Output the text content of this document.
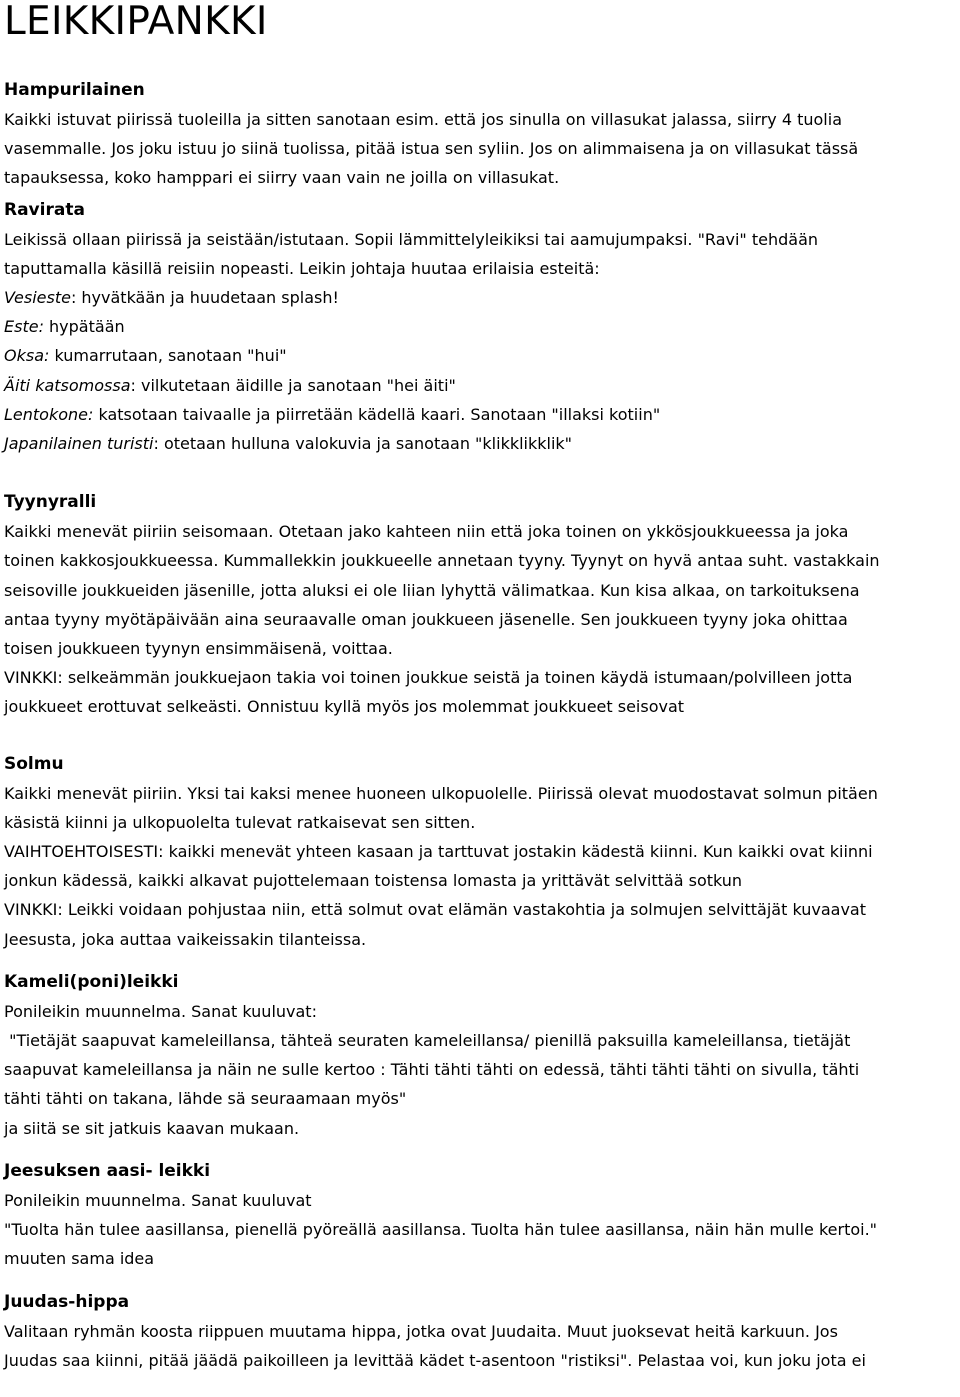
LEIKKIPANKKI

Hampurilainen

Kaikki istuvat piirissä tuoleilla ja sitten sanotaan esim. että jos sinulla on villasukat jalassa, siirry 4 tuolia

vasemmalle. Jos joku istuu jo siinä tuolissa, pitää istua sen syliin. Jos on alimmaisena ja on villasukat tässä

tapauksessa, koko hamppari ei siirry vaan vain ne joilla on villasukat.

Ravirata

Leikissä ollaan piirissä ja seistään/istutaan. Sopii lämmittelyleikiksi tai aamujumpaksi. "Ravi" tehdään

taputtamalla käsillä reisiin nopeasti. Leikin johtaja huutaa erilaisia esteitä:

Vesieste: hyvätkään ja huudetaan splash!

Este: hypätään

Oksa: kumarrutaan, sanotaan "hui"

Äiti katsomossa: vilkutetaan äidille ja sanotaan "hei äiti"

Lentokone: katsotaan taivaalle ja piirretään kädellä kaari. Sanotaan "illaksi kotiin"

Japanilainen turisti: otetaan hulluna valokuvia ja sanotaan "klikklikklik"

Tyynyralli

Kaikki menevät piiriin seisomaan. Otetaan jako kahteen niin että joka toinen on ykkösjoukkueessa ja joka

toinen kakkosjoukkueessa. Kummallekkin joukkueelle annetaan tyyny. Tyynyt on hyvä antaa suht. vastakkain

seisoville joukkueiden jäsenille, jotta aluksi ei ole liian lyhyttä välimatkaa. Kun kisa alkaa, on tarkoituksena

antaa tyyny myötäpäivään aina seuraavalle oman joukkueen jäsenelle. Sen joukkueen tyyny joka ohittaa

toisen joukkueen tyynyn ensimmäisenä, voittaa.

VINKKI: selkeämmän joukkuejaon takia voi toinen joukkue seistä ja toinen käydä istumaan/polvilleen jotta

joukkueet erottuvat selkeästi. Onnistuu kyllä myös jos molemmat joukkueet seisovat

Solmu

Kaikki menevät piiriin. Yksi tai kaksi menee huoneen ulkopuolelle. Piirissä olevat muodostavat solmun pitäen

käsistä kiinni ja ulkopuolelta tulevat ratkaisevat sen sitten.

VAIHTOEHTOISESTI: kaikki menevät yhteen kasaan ja tarttuvat jostakin kädestä kiinni. Kun kaikki ovat kiinni

jonkun kädessä, kaikki alkavat pujottelemaan toistensa lomasta ja yrittävät selvittää sotkun

VINKKI: Leikki voidaan pohjustaa niin, että solmut ovat elämän vastakohtia ja solmujen selvittäjät kuvaavat

Jeesusta, joka auttaa vaikeissakin tilanteissa.

Kameli(poni)leikki

Ponileikin muunnelma. Sanat kuuluvat:

"Tietäjät saapuvat kameleillansa, tähteä seuraten kameleillansa/ pienillä paksuilla kameleillansa, tietäjät

saapuvat kameleillansa ja näin ne sulle kertoo : Tähti tähti tähti on edessä, tähti tähti tähti on sivulla, tähti

tähti tähti on takana, lähde sä seuraamaan myös"

ja siitä se sit jatkuis kaavan mukaan.

Jeesuksen aasi- leikki

Ponileikin muunnelma. Sanat kuuluvat

"Tuolta hän tulee aasillansa, pienellä pyöreällä aasillansa. Tuolta hän tulee aasillansa, näin hän mulle kertoi."

muuten sama idea

Juudas-hippa

Valitaan ryhmän koosta riippuen muutama hippa, jotka ovat Juudaita. Muut juoksevat heitä karkuun. Jos

Juudas saa kiinni, pitää jäädä paikoilleen ja levittää kädet t-asentoon "ristiksi". Pelastaa voi, kun joku jota ei
